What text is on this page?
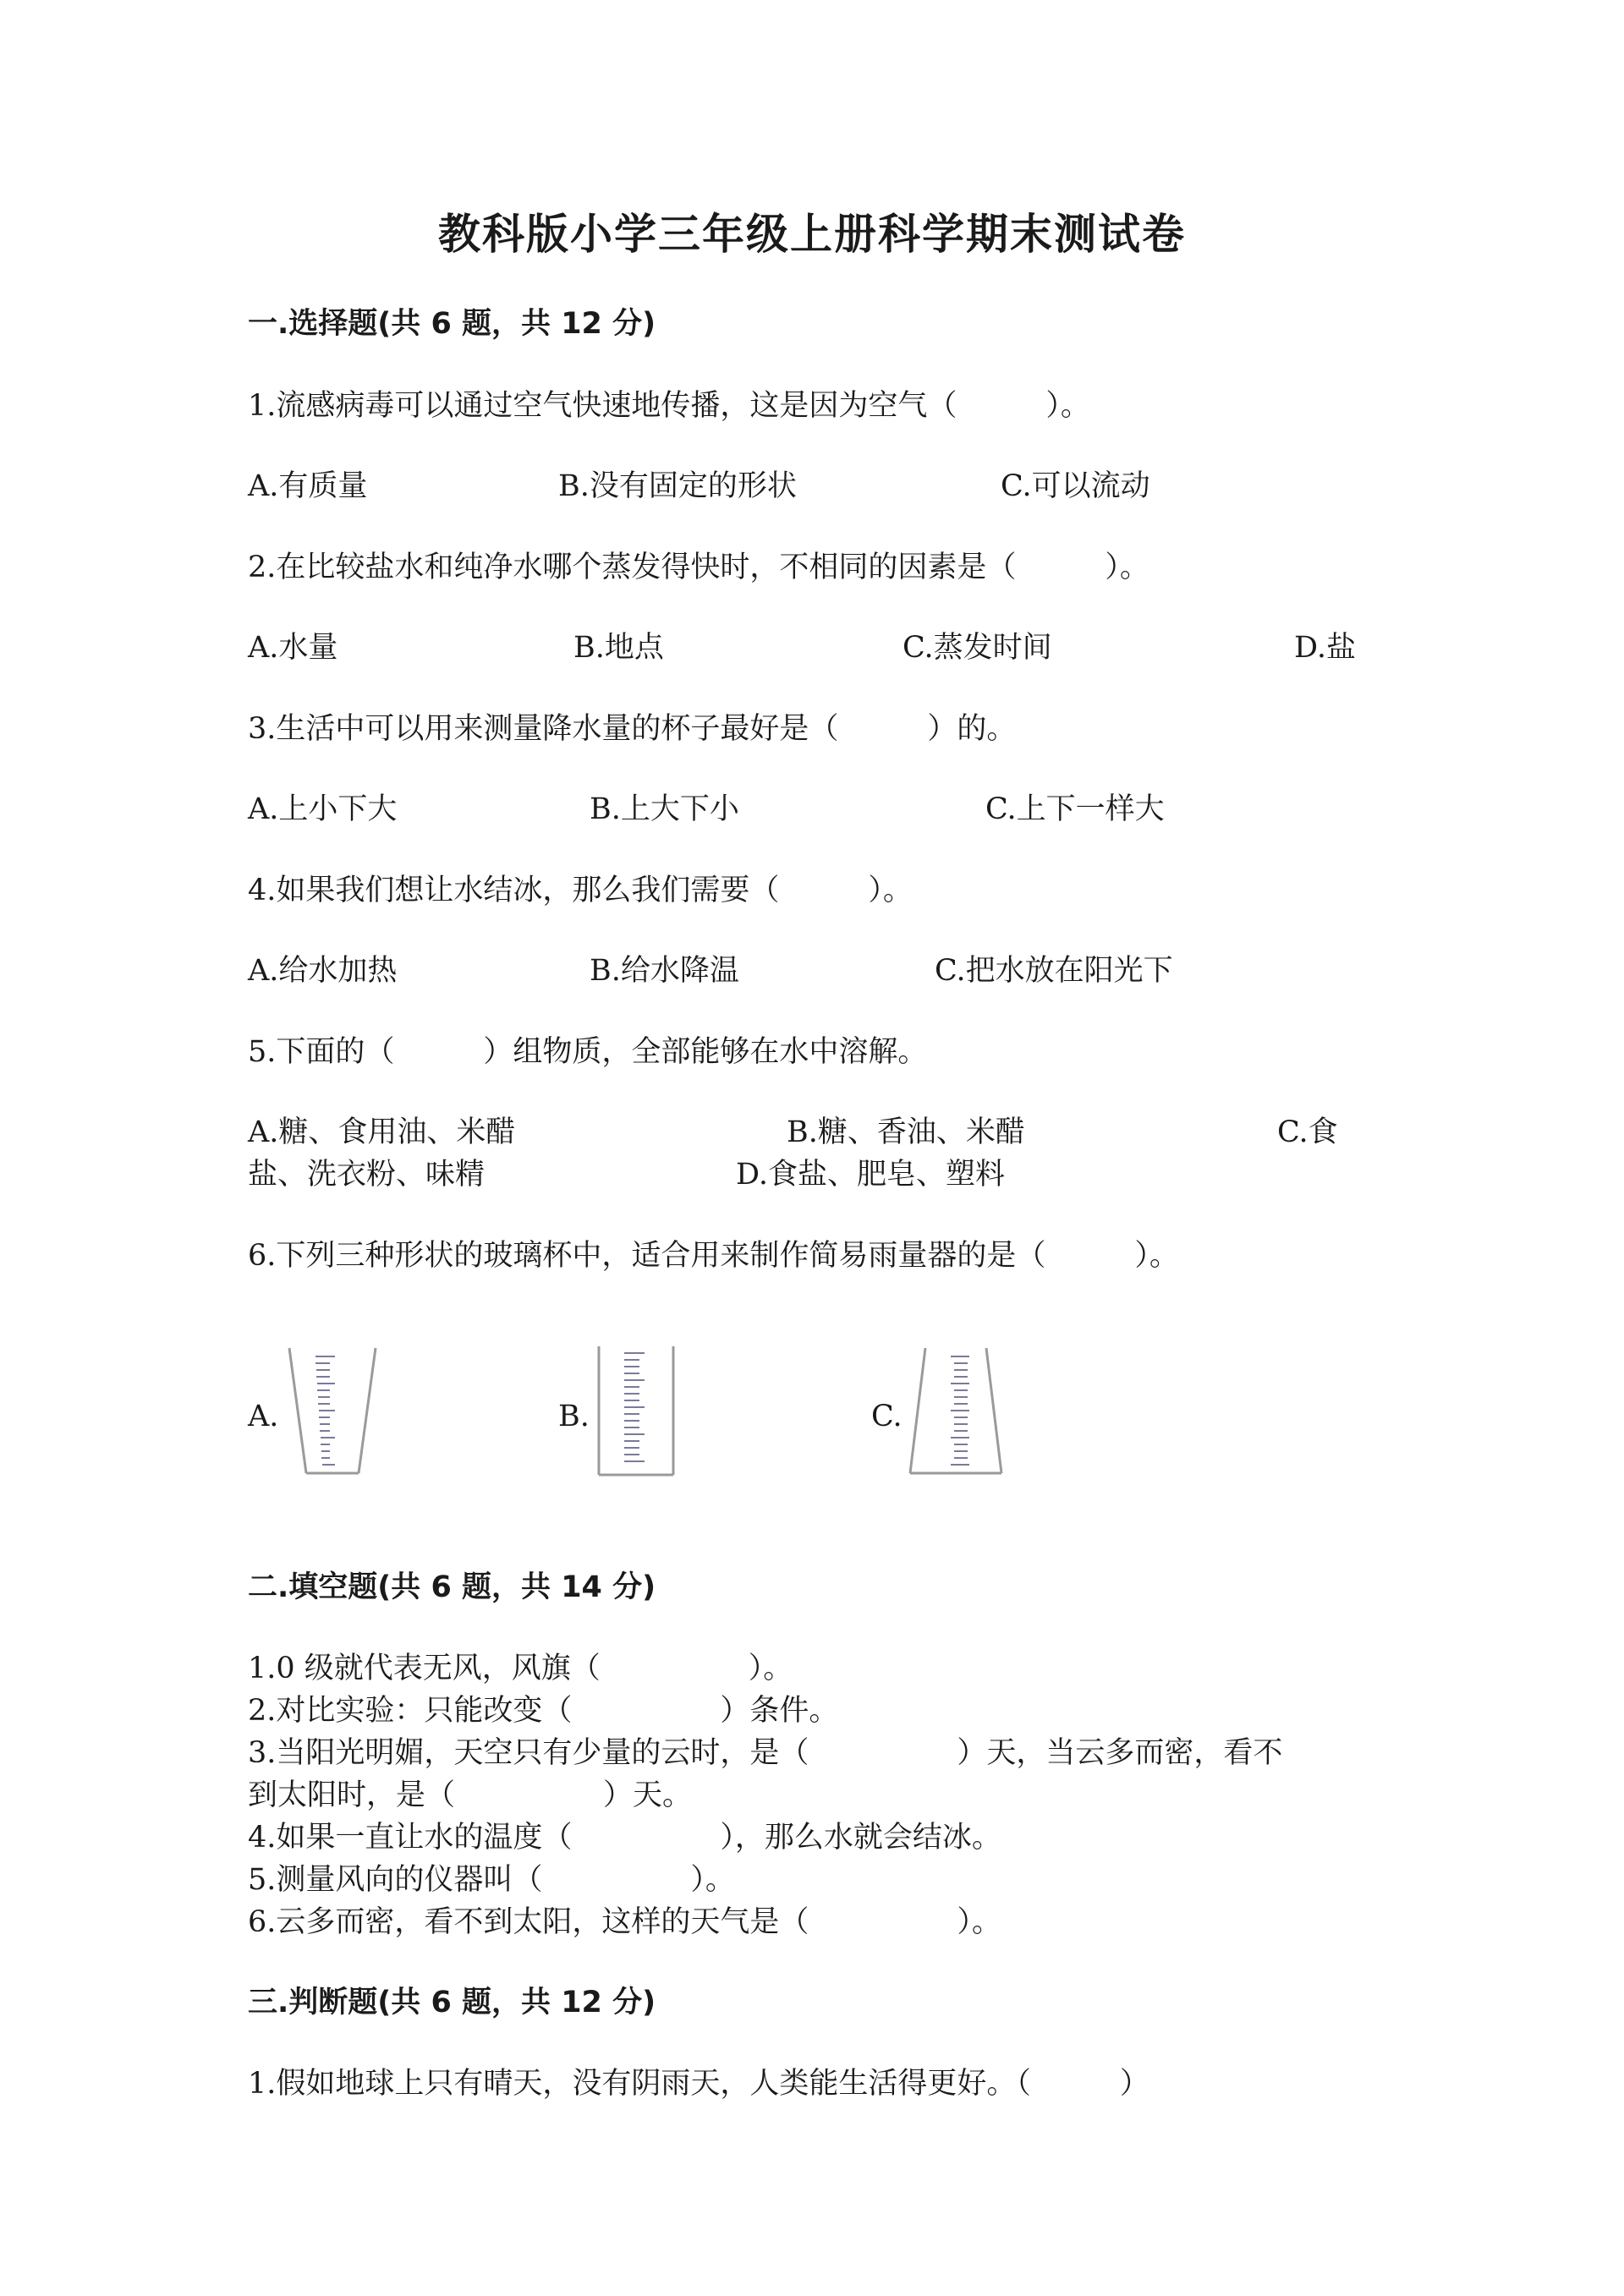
教科版小学三年级上册科学期末测试卷
一.选择题(共 6 题，共 12 分)
1.流感病毒可以通过空气快速地传播，这是因为空气（　　　）。
A.有质量	B.没有固定的形状	C.可以流动
2.在比较盐水和纯净水哪个蒸发得快时，不相同的因素是（　　　）。
A.水量	B.地点	C.蒸发时间	D.盐
3.生活中可以用来测量降水量的杯子最好是（　　　）的。
A.上小下大	B.上大下小	C.上下一样大
4.如果我们想让水结冰，那么我们需要（　　　）。
A.给水加热	B.给水降温	C.把水放在阳光下
5.下面的（　　　）组物质，全部能够在水中溶解。
A.糖、食用油、米醋	B.糖、香油、米醋	C.食
盐、洗衣粉、味精	D.食盐、肥皂、塑料
6.下列三种形状的玻璃杯中，适合用来制作简易雨量器的是（　　　）。
A.	B.	C.
二.填空题(共 6 题，共 14 分)
1.0 级就代表无风，风旗（　　　　　）。
2.对比实验：只能改变（　　　　　）条件。
3.当阳光明媚，天空只有少量的云时，是（　　　　　）天，当云多而密，看不
到太阳时，是（　　　　　）天。
4.如果一直让水的温度（　　　　　），那么水就会结冰。
5.测量风向的仪器叫（　　　　　）。
6.云多而密，看不到太阳，这样的天气是（　　　　　）。
三.判断题(共 6 题，共 12 分)
1.假如地球上只有晴天，没有阴雨天，人类能生活得更好。（　　　）
